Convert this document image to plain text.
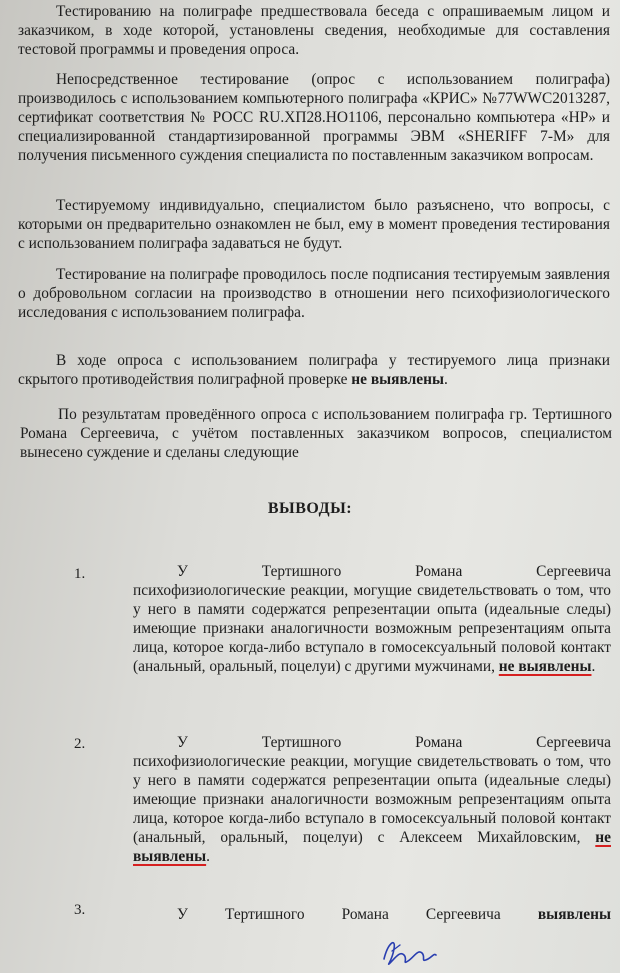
Тестированию на полиграфе предшествовала беседа с опрашиваемым лицом и заказчиком, в ходе которой, установлены сведения, необходимые для составления тестовой программы и проведения опроса.

Непосредственное тестирование (опрос с использованием полиграфа) производилось с использованием компьютерного полиграфа «КРИС» №77WWC2013287, сертификат соответствия № РОСС RU.ХП28.НО1106, персонально компьютера «HP» и специализированной стандартизированной программы ЭВМ «SHERIFF 7-М» для получения письменного суждения специалиста по поставленным заказчиком вопросам.

Тестируемому индивидуально, специалистом было разъяснено, что вопросы, с которыми он предварительно ознакомлен не был, ему в момент проведения тестирования с использованием полиграфа задаваться не будут.

Тестирование на полиграфе проводилось после подписания тестируемым заявления о добровольном согласии на производство в отношении него психофизиологического исследования с использованием полиграфа.

В ходе опроса с использованием полиграфа у тестируемого лица признаки скрытого противодействия полиграфной проверке не выявлены.

По результатам проведённого опроса с использованием полиграфа гр. Тертишного Романа Сергеевича, с учётом поставленных заказчиком вопросов, специалистом вынесено суждение и сделаны следующие

ВЫВОДЫ:
1.	У Тертишного Романа Сергеевича
психофизиологические реакции, могущие свидетельствовать о том, что у него в памяти содержатся репрезентации опыта (идеальные следы) имеющие признаки аналогичности возможным репрезентациям опыта лица, которое когда-либо вступало в гомосексуальный половой контакт (анальный, оральный, поцелуи) с другими мужчинами, не выявлены.
2.	У Тертишного Романа Сергеевича
психофизиологические реакции, могущие свидетельствовать о том, что у него в памяти содержатся репрезентации опыта (идеальные следы) имеющие признаки аналогичности возможным репрезентациям опыта лица, которое когда-либо вступало в гомосексуальный половой контакт (анальный, оральный, поцелуи) с Алексеем Михайловским, не выявлены.
3.	У Тертишного Романа Сергеевича выявлены
